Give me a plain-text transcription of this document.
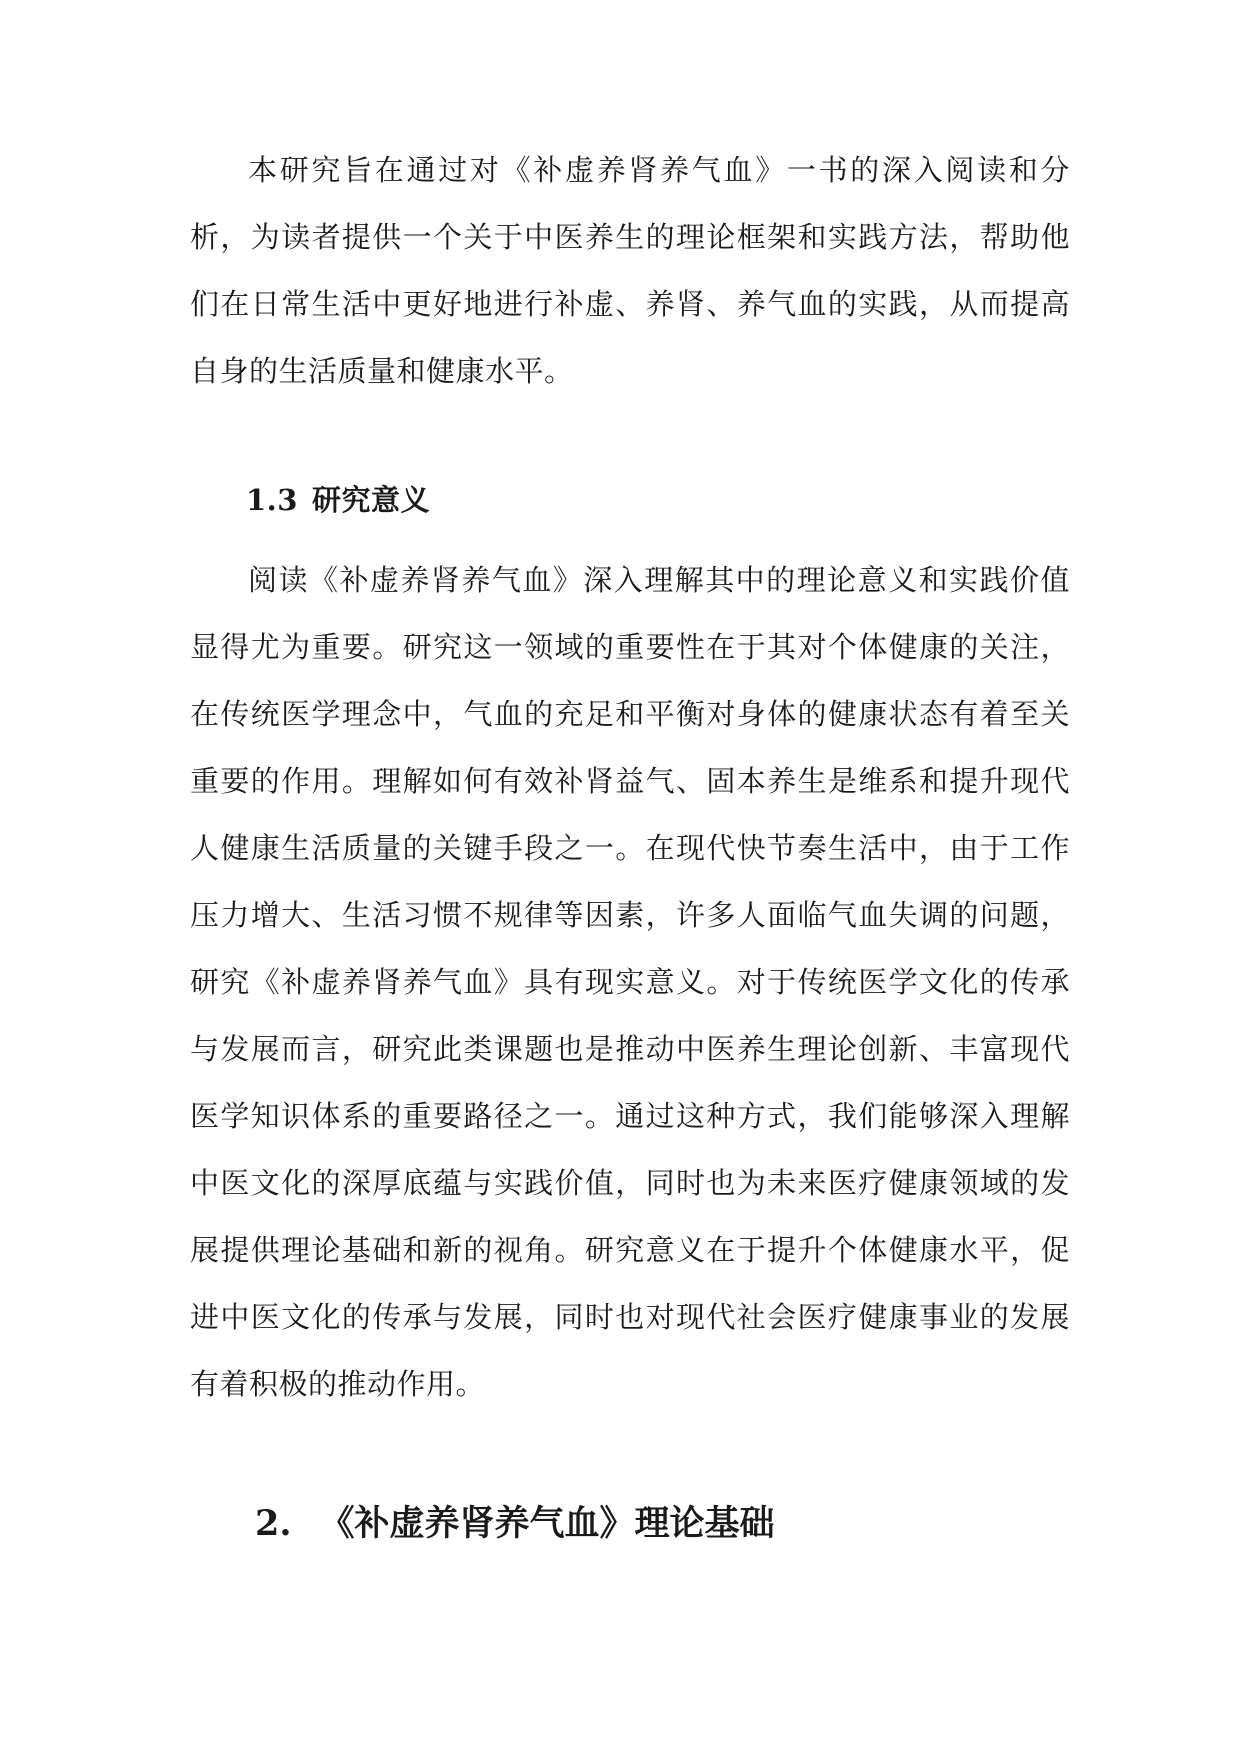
本研究旨在通过对《补虚养肾养气血》一书的深入阅读和分析，为读者提供一个关于中医养生的理论框架和实践方法，帮助他们在日常生活中更好地进行补虚、养肾、养气血的实践，从而提高自身的生活质量和健康水平。

1.3 研究意义

阅读《补虚养肾养气血》深入理解其中的理论意义和实践价值显得尤为重要。研究这一领域的重要性在于其对个体健康的关注，在传统医学理念中，气血的充足和平衡对身体的健康状态有着至关重要的作用。理解如何有效补肾益气、固本养生是维系和提升现代人健康生活质量的关键手段之一。在现代快节奏生活中，由于工作压力增大、生活习惯不规律等因素，许多人面临气血失调的问题，研究《补虚养肾养气血》具有现实意义。对于传统医学文化的传承与发展而言，研究此类课题也是推动中医养生理论创新、丰富现代医学知识体系的重要路径之一。通过这种方式，我们能够深入理解中医文化的深厚底蕴与实践价值，同时也为未来医疗健康领域的发展提供理论基础和新的视角。研究意义在于提升个体健康水平，促进中医文化的传承与发展，同时也对现代社会医疗健康事业的发展有着积极的推动作用。

2. 《补虚养肾养气血》理论基础
